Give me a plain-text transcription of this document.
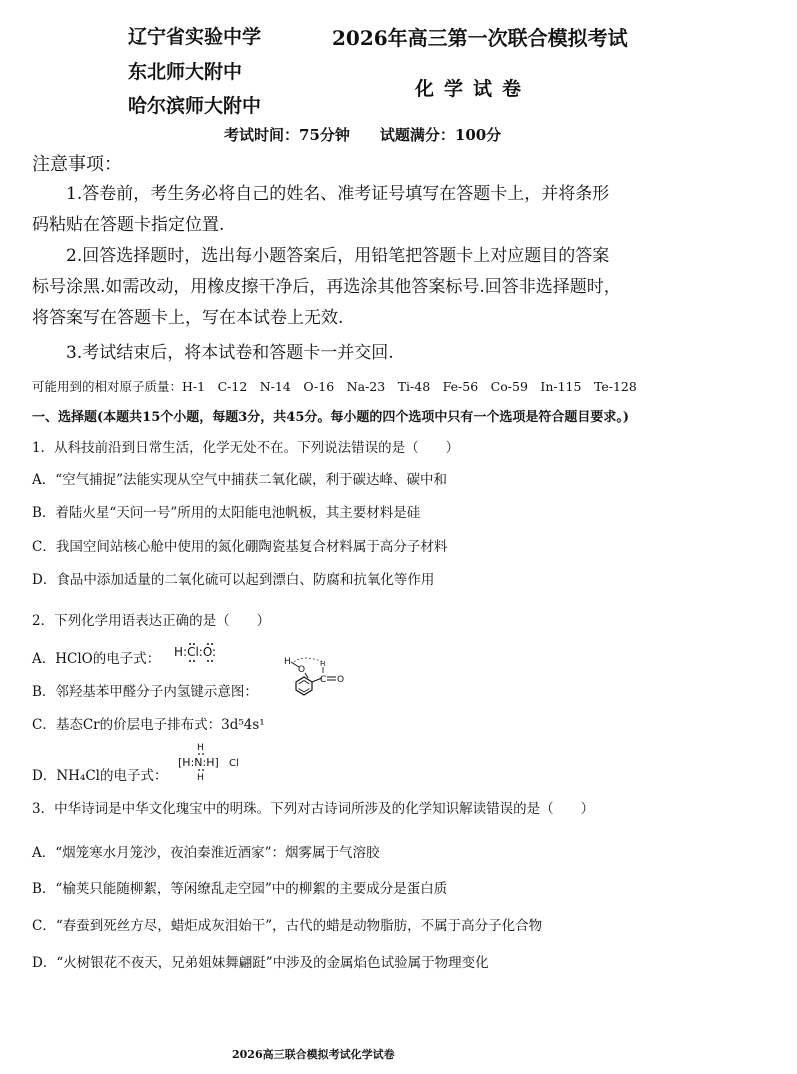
辽宁省实验中学
东北师大附中
哈尔滨师大附中
2026年高三第一次联合模拟考试
化学试卷
考试时间：75分钟　　试题满分：100分
注意事项：
1.答卷前，考生务必将自己的姓名、准考证号填写在答题卡上，并将条形
码粘贴在答题卡指定位置.
2.回答选择题时，选出每小题答案后，用铅笔把答题卡上对应题目的答案
标号涂黑.如需改动，用橡皮擦干净后，再选涂其他答案标号.回答非选择题时，
将答案写在答题卡上，写在本试卷上无效.
3.考试结束后，将本试卷和答题卡一并交回.
可能用到的相对原子质量：H-1　C-12　N-14　O-16　Na-23　Ti-48　Fe-56　Co-59　In-115　Te-128
一、选择题(本题共15个小题，每题3分，共45分。每小题的四个选项中只有一个选项是符合题目要求。)
1．从科技前沿到日常生活，化学无处不在。下列说法错误的是（　　）
A．“空气捕捉”法能实现从空气中捕获二氧化碳，利于碳达峰、碳中和
B．着陆火星“天问一号”所用的太阳能电池帆板，其主要材料是硅
C．我国空间站核心舱中使用的氮化硼陶瓷基复合材料属于高分子材料
D．食品中添加适量的二氧化硫可以起到漂白、防腐和抗氧化等作用
2．下列化学用语表达正确的是（　　）
A．HClO的电子式： H:Cl:O:
B．邻羟基苯甲醛分子内氢键示意图：
H
O
C O
H
C．基态Cr的价层电子排布式：3d⁵4s¹
D．NH₄Cl的电子式：
H
[H:N:H]
H
Cl
3．中华诗词是中华文化瑰宝中的明珠。下列对古诗词所涉及的化学知识解读错误的是（　　）
A．“烟笼寒水月笼沙，夜泊秦淮近酒家”：烟雾属于气溶胶
B．“榆荚只能随柳絮，等闲缭乱走空园”中的柳絮的主要成分是蛋白质
C．“春蚕到死丝方尽，蜡炬成灰泪始干”，古代的蜡是动物脂肪，不属于高分子化合物
D．“火树银花不夜天，兄弟姐妹舞翩跹”中涉及的金属焰色试验属于物理变化
2026高三联合模拟考试化学试卷
